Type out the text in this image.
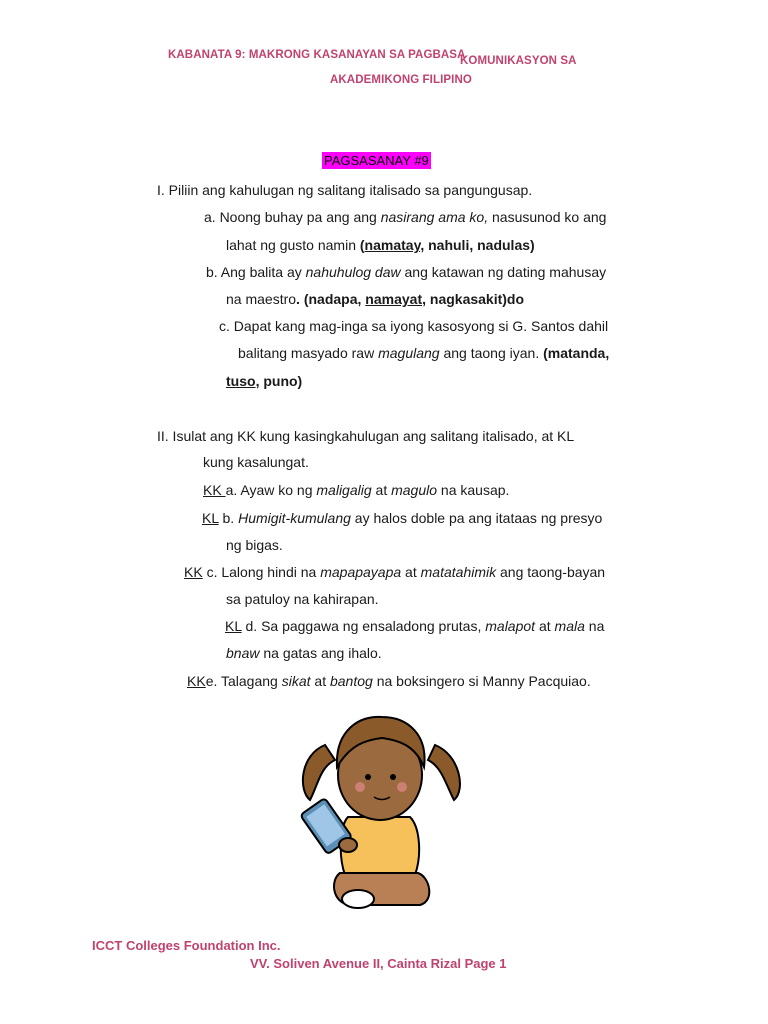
KABANATA 9: MAKRONG KASANAYAN SA PAGBASA
KOMUNIKASYON SA
AKADEMIKONG FILIPINO
PAGSASANAY #9
I. Piliin ang kahulugan ng salitang italisado sa pangungusap.
a. Noong buhay pa ang ang nasirang ama ko, nasusunod ko ang
lahat ng gusto namin (namatay, nahuli, nadulas)
b. Ang balita ay nahuhulog daw ang katawan ng dating mahusay
na maestro. (nadapa, namayat, nagkasakit)do
c. Dapat kang mag-inga sa iyong kasosyong si G. Santos dahil
balitang masyado raw magulang ang taong iyan. (matanda,
tuso, puno)
II. Isulat ang KK kung kasingkahulugan ang salitang italisado, at KL
kung kasalungat.
KK a. Ayaw ko ng maligalig at magulo na kausap.
KL b. Humigit-kumulang ay halos doble pa ang itataas ng presyo
ng bigas.
KK c. Lalong hindi na mapapayapa at matatahimik ang taong-bayan
sa patuloy na kahirapan.
KL d. Sa paggawa ng ensaladong prutas, malapot at mala na
bnaw na gatas ang ihalo.
KKe. Talagang sikat at bantog na boksingero si Manny Pacquiao.
ICCT Colleges Foundation Inc.
VV. Soliven Avenue II, Cainta Rizal Page 1
